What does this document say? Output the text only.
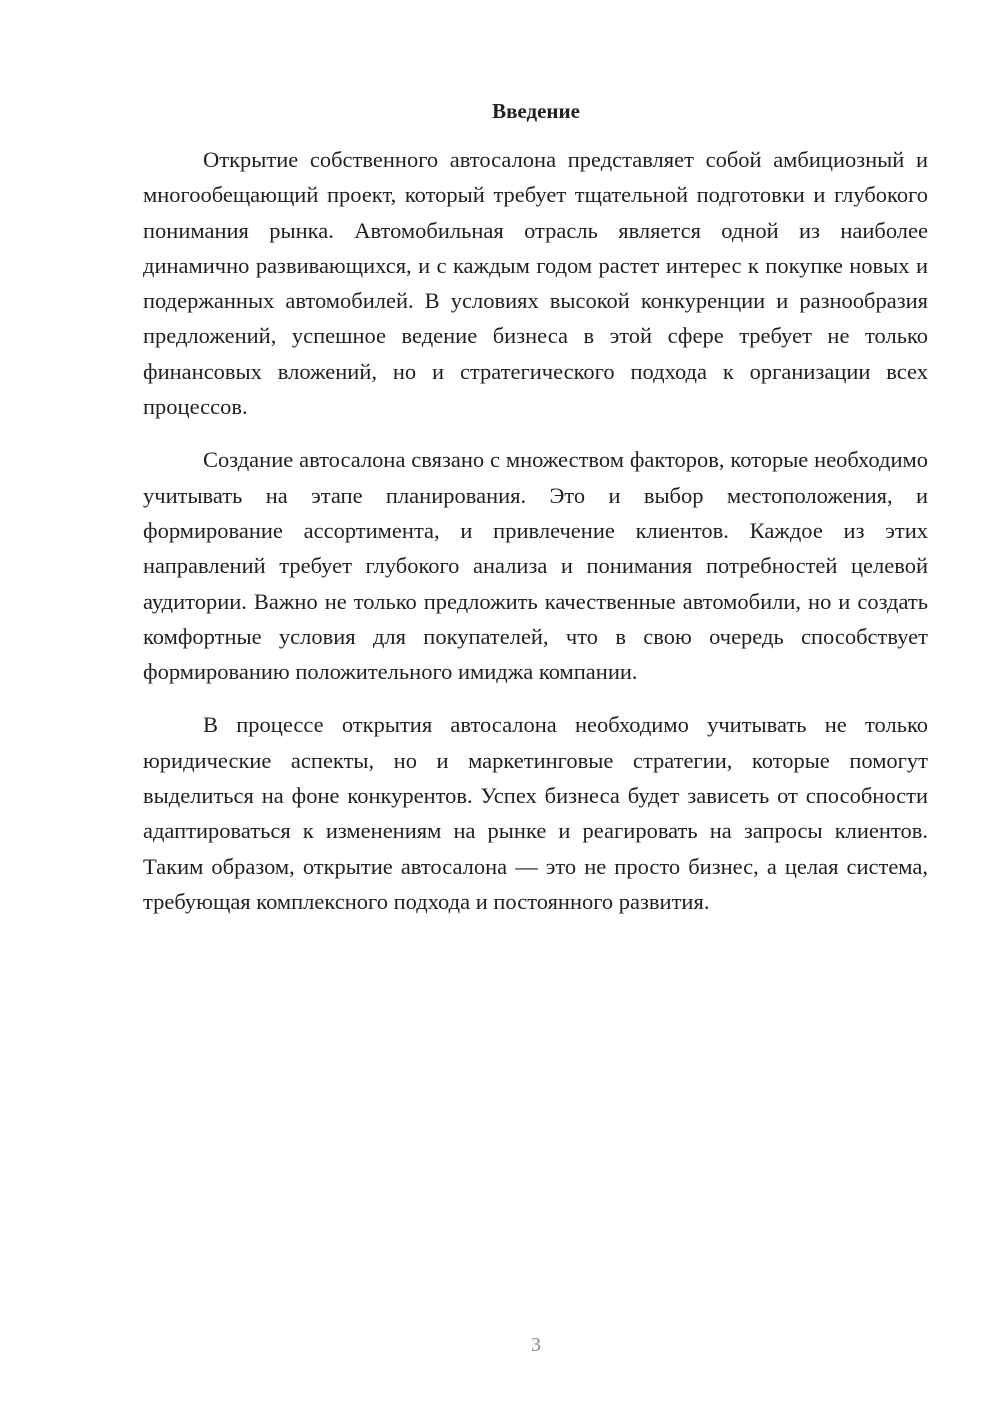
Введение

Открытие собственного автосалона представляет собой амбициозный и многообещающий проект, который требует тщательной подготовки и глубокого понимания рынка. Автомобильная отрасль является одной из наиболее динамично развивающихся, и с каждым годом растет интерес к покупке новых и подержанных автомобилей. В условиях высокой конкуренции и разнообразия предложений, успешное ведение бизнеса в этой сфере требует не только финансовых вложений, но и стратегического подхода к организации всех процессов.

Создание автосалона связано с множеством факторов, которые необходимо учитывать на этапе планирования. Это и выбор местоположения, и формирование ассортимента, и привлечение клиентов. Каждое из этих направлений требует глубокого анализа и понимания потребностей целевой аудитории. Важно не только предложить качественные автомобили, но и создать комфортные условия для покупателей, что в свою очередь способствует формированию положительного имиджа компании.

В процессе открытия автосалона необходимо учитывать не только юридические аспекты, но и маркетинговые стратегии, которые помогут выделиться на фоне конкурентов. Успех бизнеса будет зависеть от способности адаптироваться к изменениям на рынке и реагировать на запросы клиентов. Таким образом, открытие автосалона — это не просто бизнес, а целая система, требующая комплексного подхода и постоянного развития.

3
